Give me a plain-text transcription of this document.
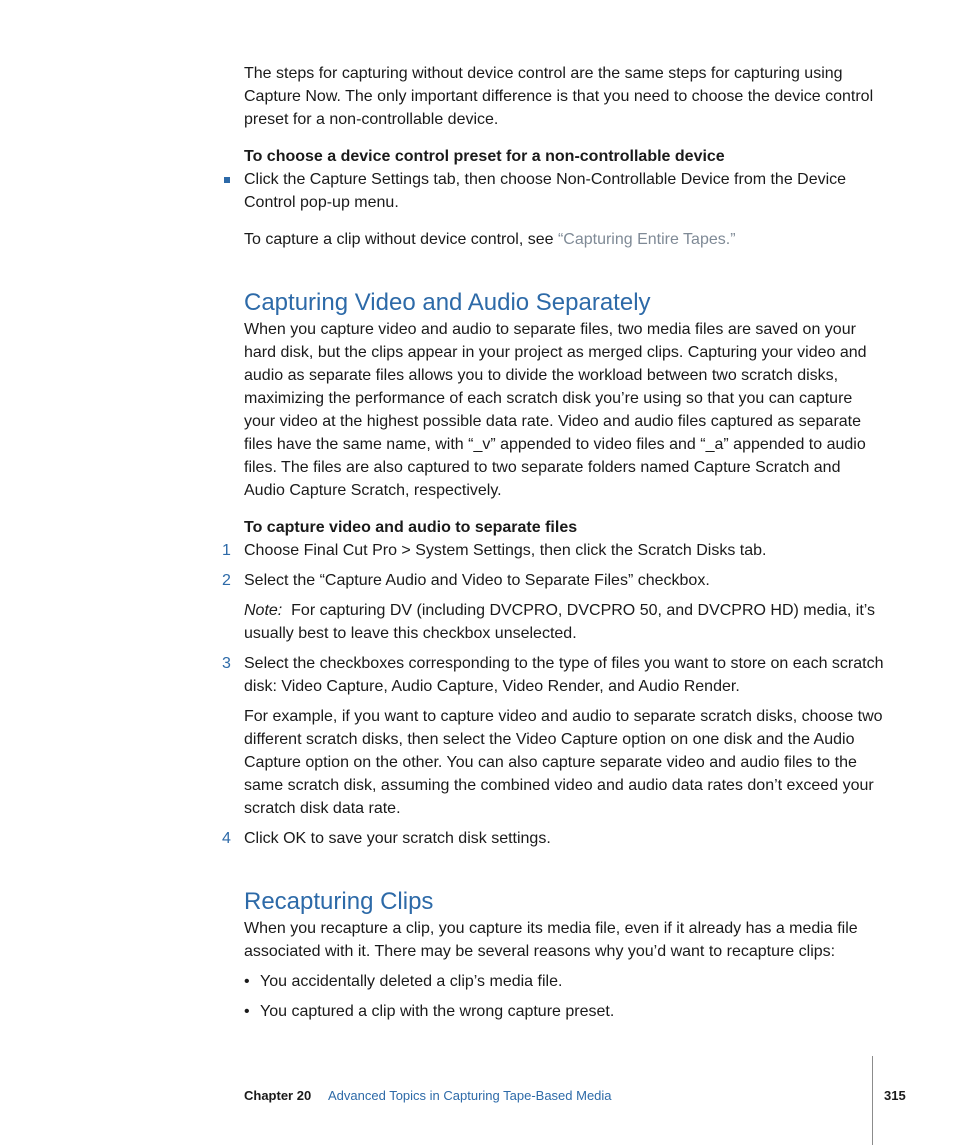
The steps for capturing without device control are the same steps for capturing using Capture Now. The only important difference is that you need to choose the device control preset for a non-controllable device.

To choose a device control preset for a non-controllable device

Click the Capture Settings tab, then choose Non-Controllable Device from the Device Control pop-up menu.

To capture a clip without device control, see “Capturing Entire Tapes.”

Capturing Video and Audio Separately

When you capture video and audio to separate files, two media files are saved on your hard disk, but the clips appear in your project as merged clips. Capturing your video and audio as separate files allows you to divide the workload between two scratch disks, maximizing the performance of each scratch disk you’re using so that you can capture your video at the highest possible data rate. Video and audio files captured as separate files have the same name, with “_v” appended to video files and “_a” appended to audio files. The files are also captured to two separate folders named Capture Scratch and Audio Capture Scratch, respectively.

To capture video and audio to separate files
1 Choose Final Cut Pro > System Settings, then click the Scratch Disks tab.

2 Select the “Capture Audio and Video to Separate Files” checkbox.

Note: For capturing DV (including DVCPRO, DVCPRO 50, and DVCPRO HD) media, it’s usually best to leave this checkbox unselected.

3 Select the checkboxes corresponding to the type of files you want to store on each scratch disk: Video Capture, Audio Capture, Video Render, and Audio Render.

For example, if you want to capture video and audio to separate scratch disks, choose two different scratch disks, then select the Video Capture option on one disk and the Audio Capture option on the other. You can also capture separate video and audio files to the same scratch disk, assuming the combined video and audio data rates don’t exceed your scratch disk data rate.

4 Click OK to save your scratch disk settings.

Recapturing Clips

When you recapture a clip, you capture its media file, even if it already has a media file associated with it. There may be several reasons why you’d want to recapture clips:

• You accidentally deleted a clip’s media file.
• You captured a clip with the wrong capture preset.
Chapter 20 Advanced Topics in Capturing Tape-Based Media	315
